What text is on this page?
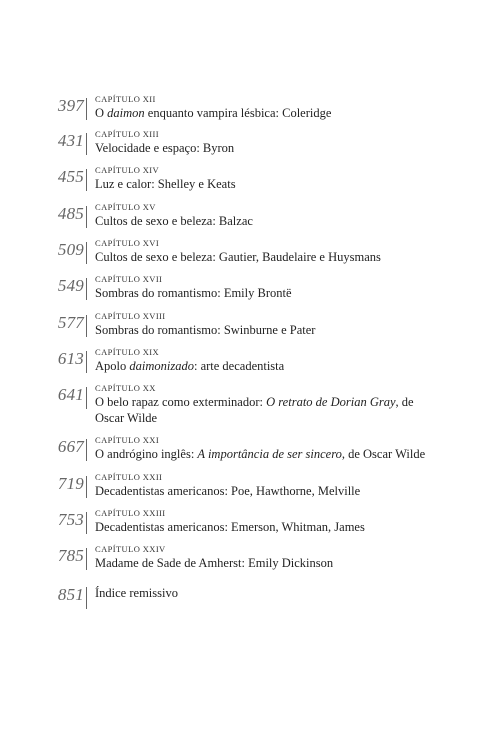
397 CAPÍTULO XII
O daimon enquanto vampira lésbica: Coleridge
431 CAPÍTULO XIII
Velocidade e espaço: Byron
455 CAPÍTULO XIV
Luz e calor: Shelley e Keats
485 CAPÍTULO XV
Cultos de sexo e beleza: Balzac
509 CAPÍTULO XVI
Cultos de sexo e beleza: Gautier, Baudelaire e Huysmans
549 CAPÍTULO XVII
Sombras do romantismo: Emily Brontë
577 CAPÍTULO XVIII
Sombras do romantismo: Swinburne e Pater
613 CAPÍTULO XIX
Apolo daimonizado: arte decadentista
641 CAPÍTULO XX
O belo rapaz como exterminador: O retrato de Dorian Gray, de Oscar Wilde
667 CAPÍTULO XXI
O andrógino inglês: A importância de ser sincero, de Oscar Wilde
719 CAPÍTULO XXII
Decadentistas americanos: Poe, Hawthorne, Melville
753 CAPÍTULO XXIII
Decadentistas americanos: Emerson, Whitman, James
785 CAPÍTULO XXIV
Madame de Sade de Amherst: Emily Dickinson
851 Índice remissivo
